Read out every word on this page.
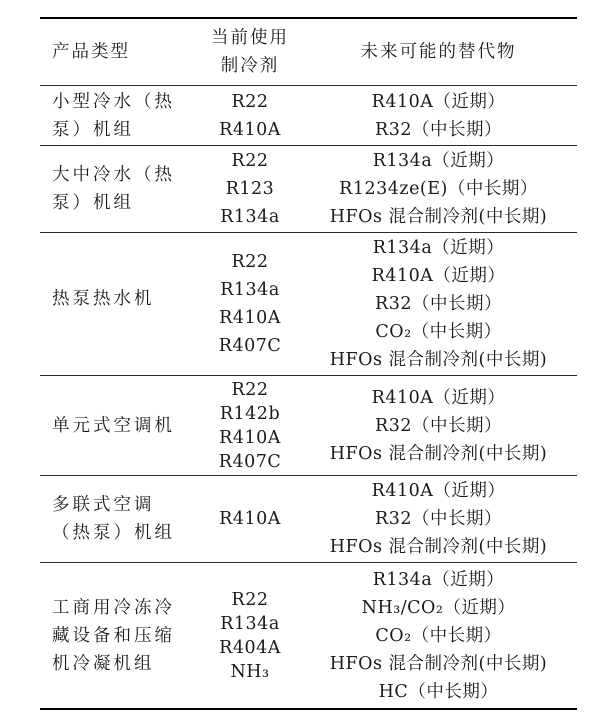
产品类型
当前使用
制冷剂
未来可能的替代物
小型冷水（热
泵）机组
R22
R410A
R410A（近期）
R32（中长期）
大中冷水（热
泵）机组
R22
R123
R134a
R134a（近期）
R1234ze(E)（中长期）
HFOs 混合制冷剂(中长期)
热泵热水机
R22
R134a
R410A
R407C
R134a（近期）
R410A（近期）
R32（中长期）
CO₂（中长期）
HFOs 混合制冷剂(中长期)
单元式空调机
R22
R142b
R410A
R407C
R410A（近期）
R32（中长期）
HFOs 混合制冷剂(中长期)
多联式空调
（热泵）机组
R410A
R410A（近期）
R32（中长期）
HFOs 混合制冷剂(中长期)
工商用冷冻冷
藏设备和压缩
机冷凝机组
R22
R134a
R404A
NH₃
R134a（近期）
NH₃/CO₂（近期）
CO₂（中长期）
HFOs 混合制冷剂(中长期)
HC（中长期）
